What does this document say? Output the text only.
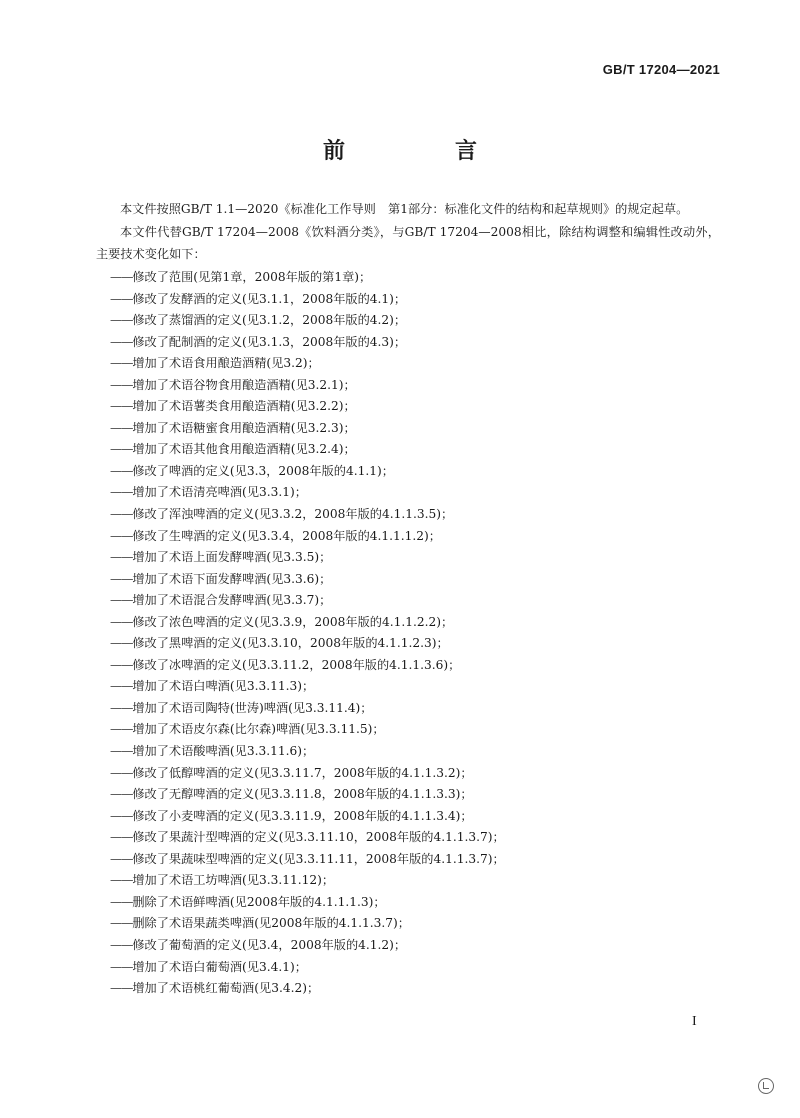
GB/T 17204—2021
前　　言

本文件按照GB/T 1.1—2020《标准化工作导则　第1部分：标准化文件的结构和起草规则》的规定起草。

本文件代替GB/T 17204—2008《饮料酒分类》，与GB/T 17204—2008相比，除结构调整和编辑性改动外，主要技术变化如下：

——修改了范围(见第1章，2008年版的第1章)；
——修改了发酵酒的定义(见3.1.1，2008年版的4.1)；
——修改了蒸馏酒的定义(见3.1.2，2008年版的4.2)；
——修改了配制酒的定义(见3.1.3，2008年版的4.3)；
——增加了术语食用酿造酒精(见3.2)；
——增加了术语谷物食用酿造酒精(见3.2.1)；
——增加了术语薯类食用酿造酒精(见3.2.2)；
——增加了术语糖蜜食用酿造酒精(见3.2.3)；
——增加了术语其他食用酿造酒精(见3.2.4)；
——修改了啤酒的定义(见3.3，2008年版的4.1.1)；
——增加了术语清亮啤酒(见3.3.1)；
——修改了浑浊啤酒的定义(见3.3.2，2008年版的4.1.1.3.5)；
——修改了生啤酒的定义(见3.3.4，2008年版的4.1.1.1.2)；
——增加了术语上面发酵啤酒(见3.3.5)；
——增加了术语下面发酵啤酒(见3.3.6)；
——增加了术语混合发酵啤酒(见3.3.7)；
——修改了浓色啤酒的定义(见3.3.9，2008年版的4.1.1.2.2)；
——修改了黑啤酒的定义(见3.3.10，2008年版的4.1.1.2.3)；
——修改了冰啤酒的定义(见3.3.11.2，2008年版的4.1.1.3.6)；
——增加了术语白啤酒(见3.3.11.3)；
——增加了术语司陶特(世涛)啤酒(见3.3.11.4)；
——增加了术语皮尔森(比尔森)啤酒(见3.3.11.5)；
——增加了术语酸啤酒(见3.3.11.6)；
——修改了低醇啤酒的定义(见3.3.11.7，2008年版的4.1.1.3.2)；
——修改了无醇啤酒的定义(见3.3.11.8，2008年版的4.1.1.3.3)；
——修改了小麦啤酒的定义(见3.3.11.9，2008年版的4.1.1.3.4)；
——修改了果蔬汁型啤酒的定义(见3.3.11.10，2008年版的4.1.1.3.7)；
——修改了果蔬味型啤酒的定义(见3.3.11.11，2008年版的4.1.1.3.7)；
——增加了术语工坊啤酒(见3.3.11.12)；
——删除了术语鲜啤酒(见2008年版的4.1.1.1.3)；
——删除了术语果蔬类啤酒(见2008年版的4.1.1.3.7)；
——修改了葡萄酒的定义(见3.4，2008年版的4.1.2)；
——增加了术语白葡萄酒(见3.4.1)；
——增加了术语桃红葡萄酒(见3.4.2)；
I
